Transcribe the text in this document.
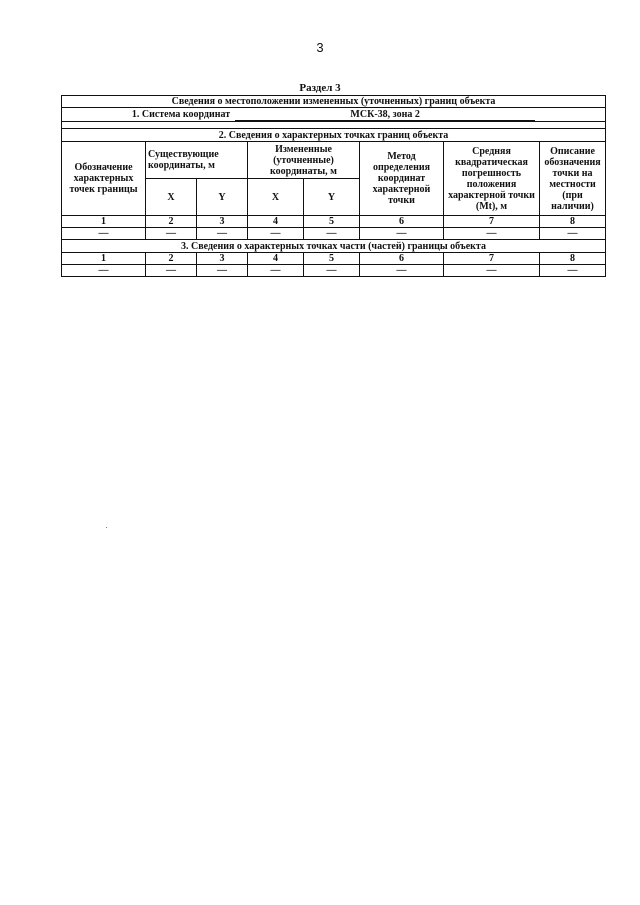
3
Раздел 3
Сведения о местоположении измененных (уточненных) границ объекта							
1. Система координат МСК-38, зона 2							

2. Сведения о характерных точках границ объекта							
Обозначение характерных точек границы	Существующие координаты, м		Измененные (уточненные) координаты, м		Метод определения координат характерной точки	Средняя квадратическая погрешность положения характерной точки (Mt), м	Описание обозначения точки на местности (при наличии)
	X	Y	X	Y			
1	2	3	4	5	6	7	8
—	—	—	—	—	—	—	—
3. Сведения о характерных точках части (частей) границы объекта							
1	2	3	4	5	6	7	8
—	—	—	—	—	—	—	—
